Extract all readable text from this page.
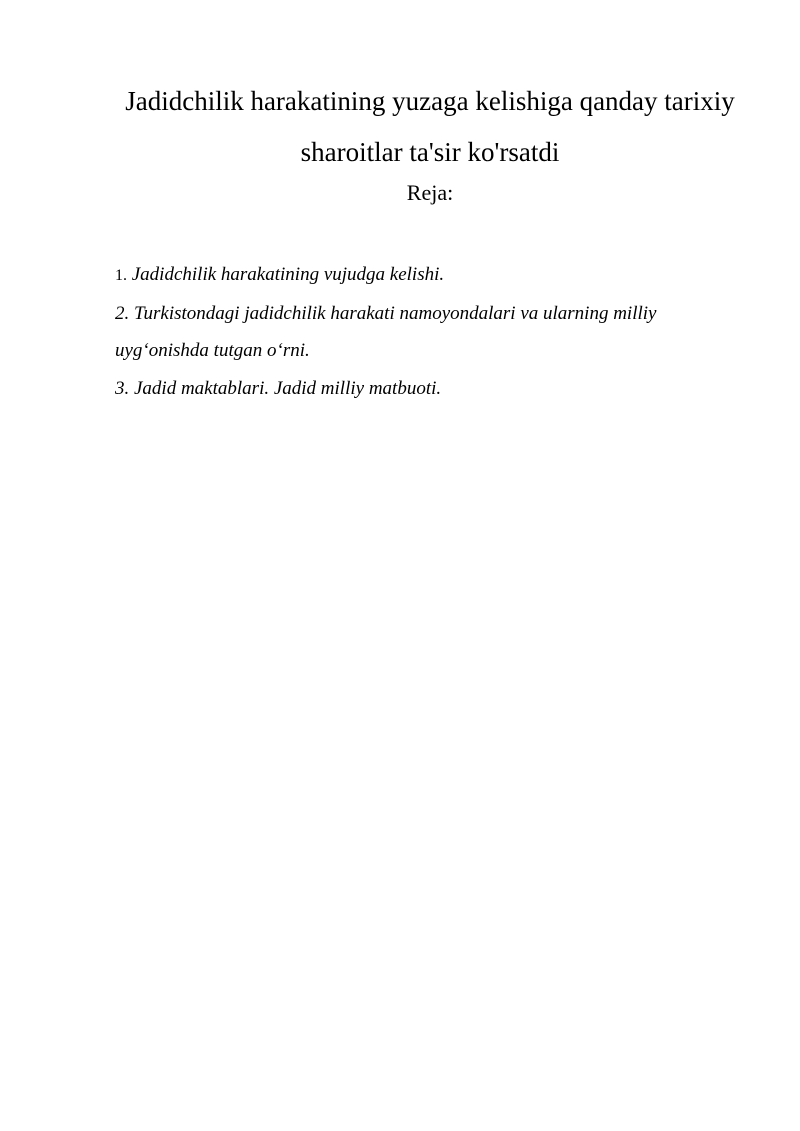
Jadidchilik harakatining yuzaga kelishiga qanday tarixiy sharoitlar ta'sir ko'rsatdi

Reja:

1. Jadidchilik harakatining vujudga kelishi.
2. Turkistondagi jadidchilik harakati namoyondalari va ularning milliy uyg‘onishda tutgan o‘rni.
3. Jadid maktablari. Jadid milliy matbuoti.
